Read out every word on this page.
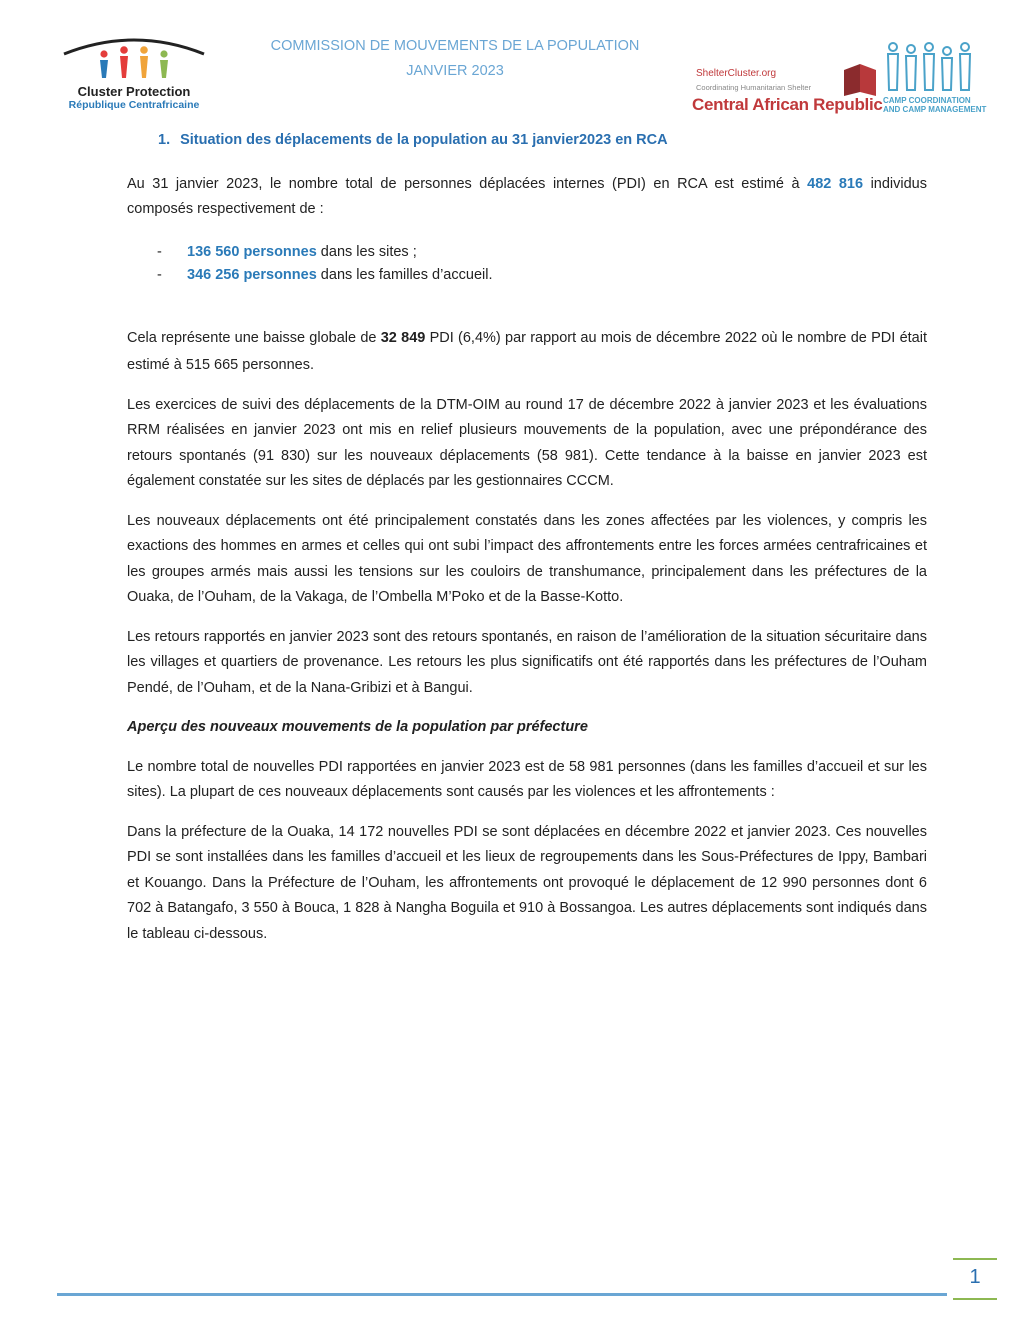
Cluster Protection
République Centrafricaine
COMMISSION DE MOUVEMENTS DE LA POPULATION
JANVIER 2023	ShelterCluster.org
Coordinating Humanitarian Shelter
Central African Republic CAMP COORDINATION
AND CAMP MANAGEMENT
1. Situation des déplacements de la population au 31 janvier2023 en RCA

Au 31 janvier 2023, le nombre total de personnes déplacées internes (PDI) en RCA est estimé à 482 816 individus composés respectivement de :

- 136 560 personnes dans les sites ;
- 346 256 personnes dans les familles d’accueil.

Cela représente une baisse globale de 32 849 PDI (6,4%) par rapport au mois de décembre 2022 où le nombre de PDI était estimé à 515 665 personnes.

Les exercices de suivi des déplacements de la DTM-OIM au round 17 de décembre 2022 à janvier 2023 et les évaluations RRM réalisées en janvier 2023 ont mis en relief plusieurs mouvements de la population, avec une prépondérance des retours spontanés (91 830) sur les nouveaux déplacements (58 981). Cette tendance à la baisse en janvier 2023 est également constatée sur les sites de déplacés par les gestionnaires CCCM.

Les nouveaux déplacements ont été principalement constatés dans les zones affectées par les violences, y compris les exactions des hommes en armes et celles qui ont subi l’impact des affrontements entre les forces armées centrafricaines et les groupes armés mais aussi les tensions sur les couloirs de transhumance, principalement dans les préfectures de la Ouaka, de l’Ouham, de la Vakaga, de l’Ombella M’Poko et de la Basse-Kotto.

Les retours rapportés en janvier 2023 sont des retours spontanés, en raison de l’amélioration de la situation sécuritaire dans les villages et quartiers de provenance. Les retours les plus significatifs ont été rapportés dans les préfectures de l’Ouham Pendé, de l’Ouham, et de la Nana-Gribizi et à Bangui.

Aperçu des nouveaux mouvements de la population par préfecture

Le nombre total de nouvelles PDI rapportées en janvier 2023 est de 58 981 personnes (dans les familles d’accueil et sur les sites). La plupart de ces nouveaux déplacements sont causés par les violences et les affrontements :

Dans la préfecture de la Ouaka, 14 172 nouvelles PDI se sont déplacées en décembre 2022 et janvier 2023. Ces nouvelles PDI se sont installées dans les familles d’accueil et les lieux de regroupements dans les Sous-Préfectures de Ippy, Bambari et Kouango. Dans la Préfecture de l’Ouham, les affrontements ont provoqué le déplacement de 12 990 personnes dont 6 702 à Batangafo, 3 550 à Bouca, 1 828 à Nangha Boguila et 910 à Bossangoa. Les autres déplacements sont indiqués dans le tableau ci-dessous.

1
